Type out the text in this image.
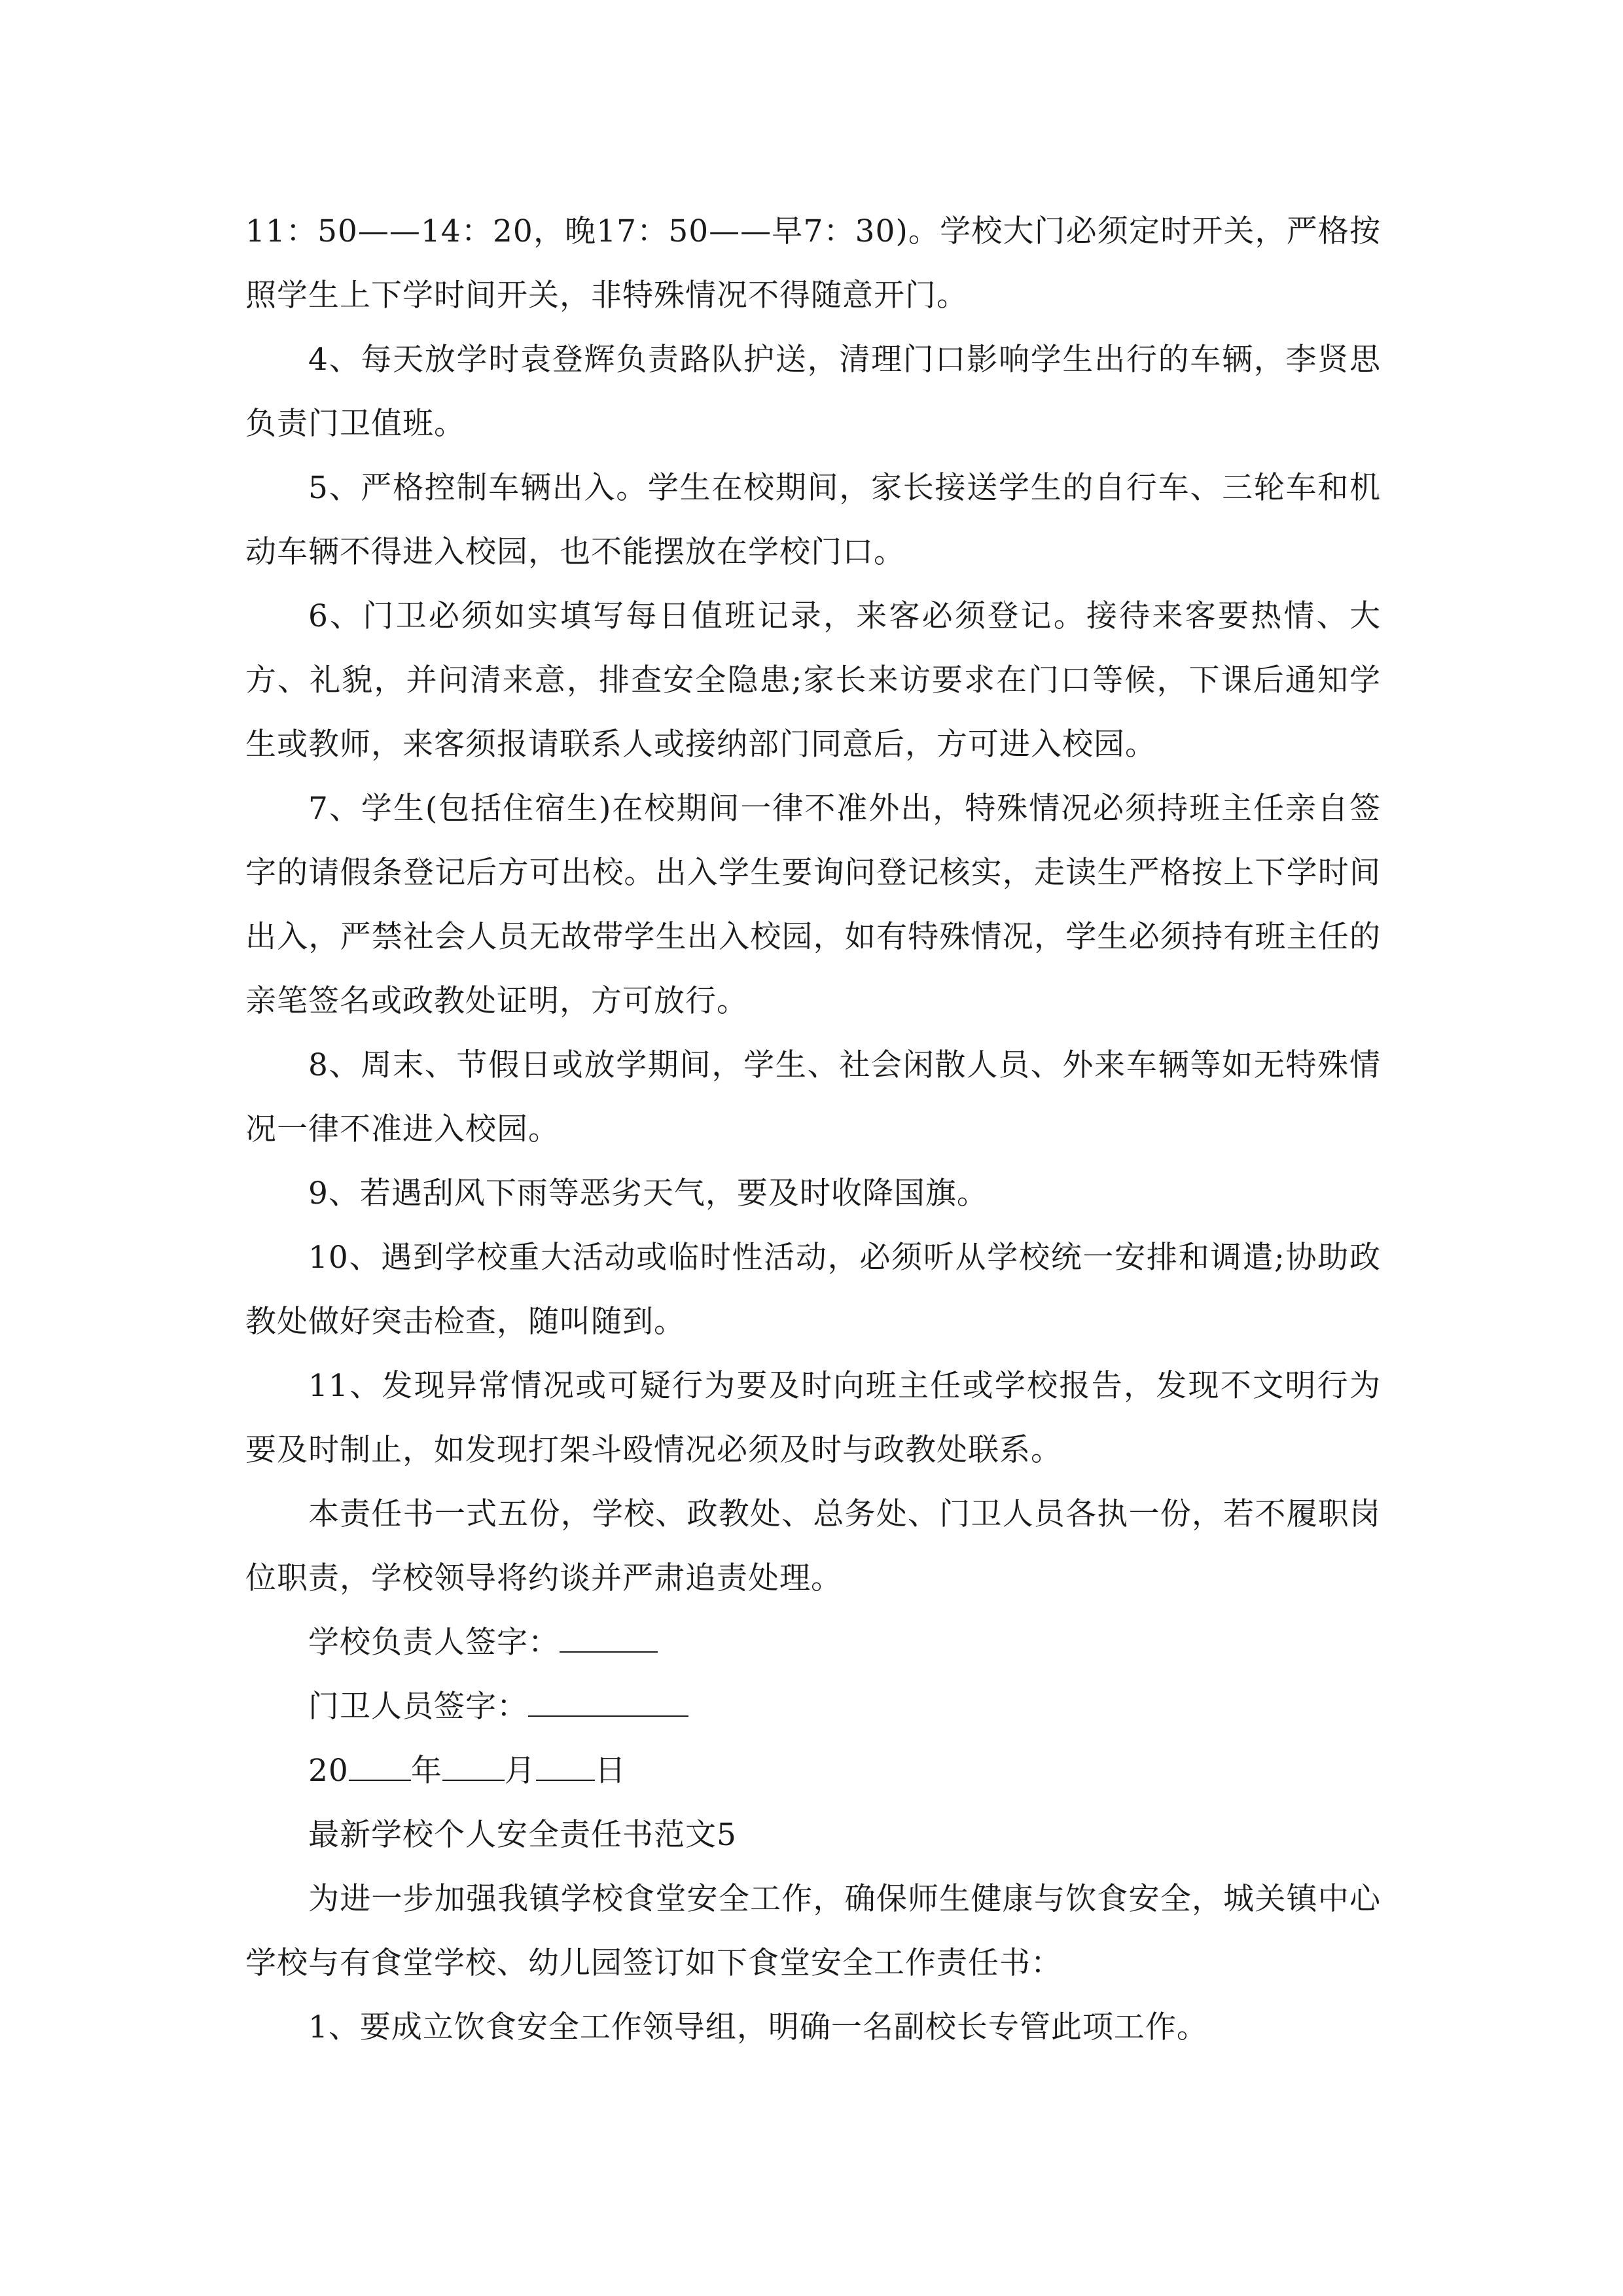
11：50——14：20，晚17：50——早7：30)。学校大门必须定时开关，严格按照学生上下学时间开关，非特殊情况不得随意开门。

4、每天放学时袁登辉负责路队护送，清理门口影响学生出行的车辆，李贤思负责门卫值班。

5、严格控制车辆出入。学生在校期间，家长接送学生的自行车、三轮车和机动车辆不得进入校园，也不能摆放在学校门口。

6、门卫必须如实填写每日值班记录，来客必须登记。接待来客要热情、大方、礼貌，并问清来意，排查安全隐患;家长来访要求在门口等候，下课后通知学生或教师，来客须报请联系人或接纳部门同意后，方可进入校园。

7、学生(包括住宿生)在校期间一律不准外出，特殊情况必须持班主任亲自签字的请假条登记后方可出校。出入学生要询问登记核实，走读生严格按上下学时间出入，严禁社会人员无故带学生出入校园，如有特殊情况，学生必须持有班主任的亲笔签名或政教处证明，方可放行。

8、周末、节假日或放学期间，学生、社会闲散人员、外来车辆等如无特殊情况一律不准进入校园。

9、若遇刮风下雨等恶劣天气，要及时收降国旗。

10、遇到学校重大活动或临时性活动，必须听从学校统一安排和调遣;协助政教处做好突击检查，随叫随到。

11、发现异常情况或可疑行为要及时向班主任或学校报告，发现不文明行为要及时制止，如发现打架斗殴情况必须及时与政教处联系。

本责任书一式五份，学校、政教处、总务处、门卫人员各执一份，若不履职岗位职责，学校领导将约谈并严肃追责处理。

学校负责人签字：

门卫人员签字：

20 年 月 日

最新学校个人安全责任书范文5

为进一步加强我镇学校食堂安全工作，确保师生健康与饮食安全，城关镇中心学校与有食堂学校、幼儿园签订如下食堂安全工作责任书：

1、要成立饮食安全工作领导组，明确一名副校长专管此项工作。
